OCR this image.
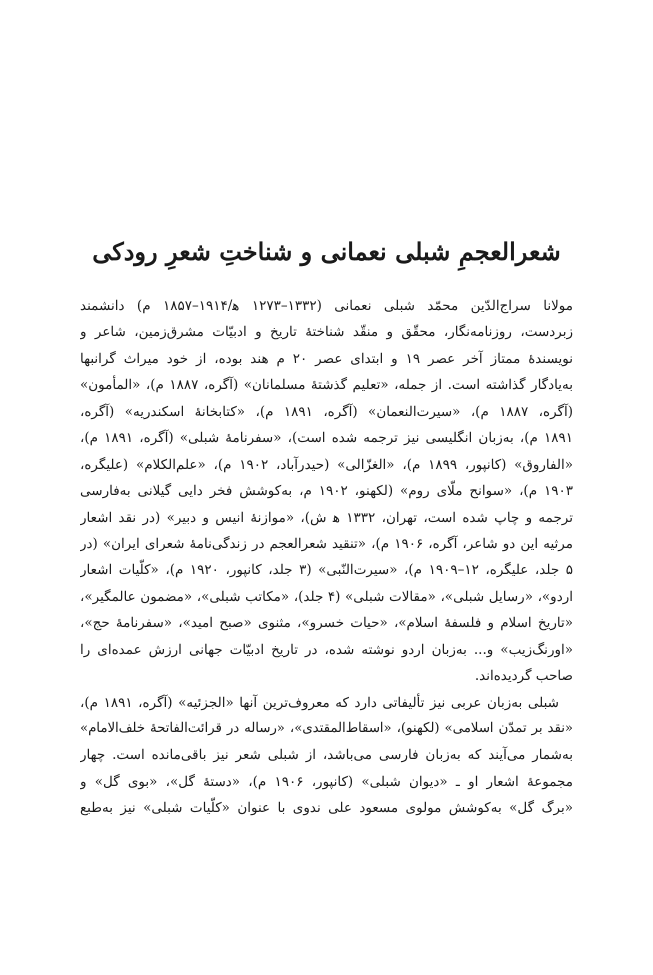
شعرالعجمِ شبلی نعمانی و شناختِ شعرِ رودکی
مولانا سراج‌الدّین محمّد شبلی نعمانی (۱۳۳۲–۱۲۷۳ ه‍/۱۹۱۴–۱۸۵۷ م) دانشمند
زبردست، روزنامه‌نگار، محقّق و منقّد شناختهٔ تاریخ و ادبیّات مشرق‌زمین، شاعر و
نویسندهٔ ممتاز آخر عصر ۱۹ و ابتدای عصر ۲۰ م هند بوده، از خود میراث گرانبها
به‌یادگار گذاشته است. از جمله، «تعلیم گذشتهٔ مسلمانان» (آگره، ۱۸۸۷ م)، «المأمون»
(آگره، ۱۸۸۷ م)، «سیرت‌النعمان» (آگره، ۱۸۹۱ م)، «کتابخانهٔ اسکندریه» (آگره،
۱۸۹۱ م)، به‌زبان انگلیسی نیز ترجمه شده است)، «سفرنامهٔ شبلی» (آگره، ۱۸۹۱ م)،
«الفاروق» (کانپور، ۱۸۹۹ م)، «الغزّالی» (حیدرآباد، ۱۹۰۲ م)، «علم‌الکلام» (علیگره،
۱۹۰۳ م)، «سوانح ملّای روم» (لکهنو، ۱۹۰۲ م، به‌کوشش فخر دایی گیلانی به‌فارسی
ترجمه و چاپ شده است، تهران، ۱۳۳۲ ه‍ ش)، «موازنهٔ انیس و دبیر» (در نقد اشعار
مرثیه این دو شاعر، آگره، ۱۹۰۶ م)، «تنقید شعرالعجم در زندگی‌نامهٔ شعرای ایران» (در
۵ جلد، علیگره، ۱۲–۱۹۰۹ م)، «سیرت‌النّبی» (۳ جلد، کانپور، ۱۹۲۰ م)، «کلّیات اشعار
اردو»، «رسایل شبلی»، «مقالات شبلی» (۴ جلد)، «مکاتب شبلی»، «مضمون عالمگیر»،
«تاریخ اسلام و فلسفهٔ اسلام»، «حیات خسرو»، مثنوی «صبح امید»، «سفرنامهٔ حج»،
«اورنگ‌زیب» و... به‌زبان اردو نوشته شده، در تاریخ ادبیّات جهانی ارزش عمده‌ای را
صاحب گردیده‌اند.
شبلی به‌زبان عربی نیز تألیفاتی دارد که معروف‌ترین آنها «الجزئیه» (آگره، ۱۸۹۱ م)،
«نقد بر تمدّن اسلامی» (لکهنو)، «اسقاط‌المقتدی»، «رساله در قرائت‌الفاتحهٔ خلف‌الامام»
به‌شمار می‌آیند که به‌زبان فارسی می‌باشد، از شبلی شعر نیز باقی‌مانده است. چهار
مجموعهٔ اشعار او ـ «دیوان شبلی» (کانپور، ۱۹۰۶ م)، «دستهٔ گل»، «بوی گل» و
«برگ گل» به‌کوشش مولوی مسعود علی ندوی با عنوان «کلّیات شبلی» نیز به‌طبع
